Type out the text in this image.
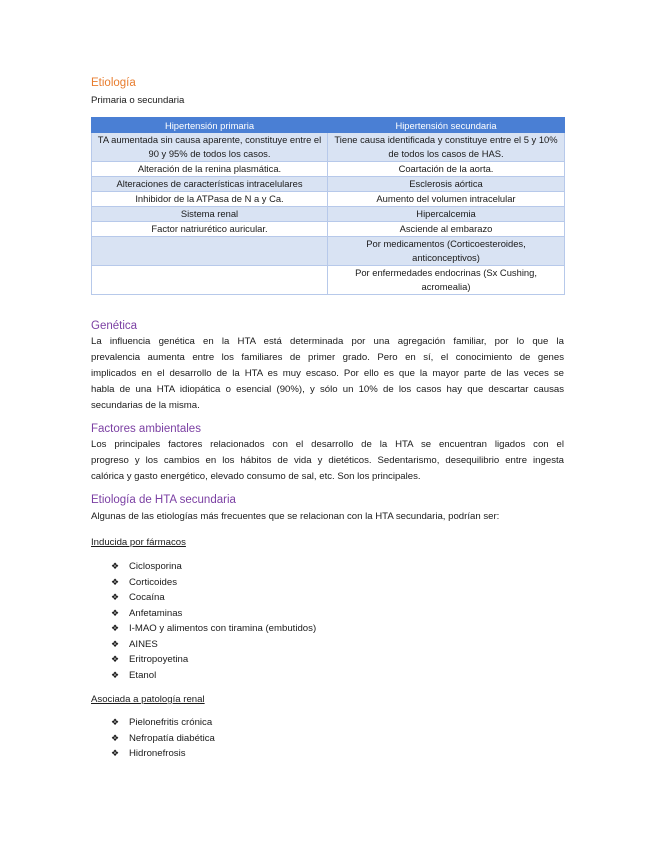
Etiología
Primaria o secundaria
Hipertensión primaria	Hipertensión secundaria
TA aumentada sin causa aparente, constituye entre el 90 y 95% de todos los casos.	Tiene causa identificada y constituye entre el 5 y 10% de todos los casos de HAS.
Alteración de la renina plasmática.	Coartación de la aorta.
Alteraciones de características intracelulares	Esclerosis aórtica
Inhibidor de la ATPasa de N a y Ca.	Aumento del volumen intracelular
Sistema renal	Hipercalcemia
Factor natriurético auricular.	Asciende al embarazo
	Por medicamentos (Corticoesteroides, anticonceptivos)
	Por enfermedades endocrinas (Sx Cushing, acromealia)
Genética
La influencia genética en la HTA está determinada por una agregación familiar, por lo que la
prevalencia aumenta entre los familiares de primer grado. Pero en sí, el conocimiento de genes
implicados en el desarrollo de la HTA es muy escaso. Por ello es que la mayor parte de las veces se
habla de una HTA idiopática o esencial (90%), y sólo un 10% de los casos hay que descartar causas
secundarias de la misma.
Factores ambientales
Los principales factores relacionados con el desarrollo de la HTA se encuentran ligados con el
progreso y los cambios en los hábitos de vida y dietéticos. Sedentarismo, desequilibrio entre ingesta
calórica y gasto energético, elevado consumo de sal, etc. Son los principales.
Etiología de HTA secundaria
Algunas de las etiologías más frecuentes que se relacionan con la HTA secundaria, podrían ser:
Inducida por fármacos
❖	Ciclosporina
❖	Corticoides
❖	Cocaína
❖	Anfetaminas
❖	I-MAO y alimentos con tiramina (embutidos)
❖	AINES
❖	Eritropoyetina
❖	Etanol
Asociada a patología renal
❖	Pielonefritis crónica
❖	Nefropatía diabética
❖	Hidronefrosis
